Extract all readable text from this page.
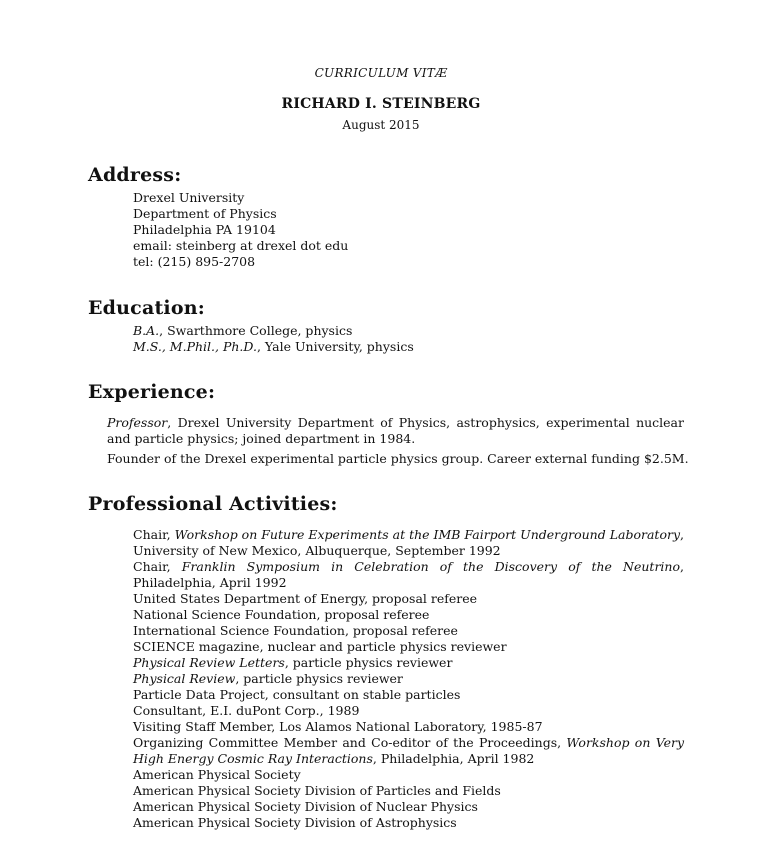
CURRICULUM VITÆ
RICHARD I. STEINBERG
August 2015
Address:
Drexel University
Department of Physics
Philadelphia PA 19104
email: steinberg at drexel dot edu
tel: (215) 895-2708
Education:
B.A., Swarthmore College, physics
M.S., M.Phil., Ph.D., Yale University, physics
Experience:
Professor, Drexel University Department of Physics, astrophysics, experimental nuclear and particle physics; joined department in 1984.
Founder of the Drexel experimental particle physics group. Career external funding $2.5M.
Professional Activities:
Chair, Workshop on Future Experiments at the IMB Fairport Underground Laboratory, University of New Mexico, Albuquerque, September 1992
Chair, Franklin Symposium in Celebration of the Discovery of the Neutrino, Philadelphia, April 1992
United States Department of Energy, proposal referee
National Science Foundation, proposal referee
International Science Foundation, proposal referee
SCIENCE magazine, nuclear and particle physics reviewer
Physical Review Letters, particle physics reviewer
Physical Review, particle physics reviewer
Particle Data Project, consultant on stable particles
Consultant, E.I. duPont Corp., 1989
Visiting Staff Member, Los Alamos National Laboratory, 1985-87
Organizing Committee Member and Co-editor of the Proceedings, Workshop on Very High Energy Cosmic Ray Interactions, Philadelphia, April 1982
American Physical Society
American Physical Society Division of Particles and Fields
American Physical Society Division of Nuclear Physics
American Physical Society Division of Astrophysics
